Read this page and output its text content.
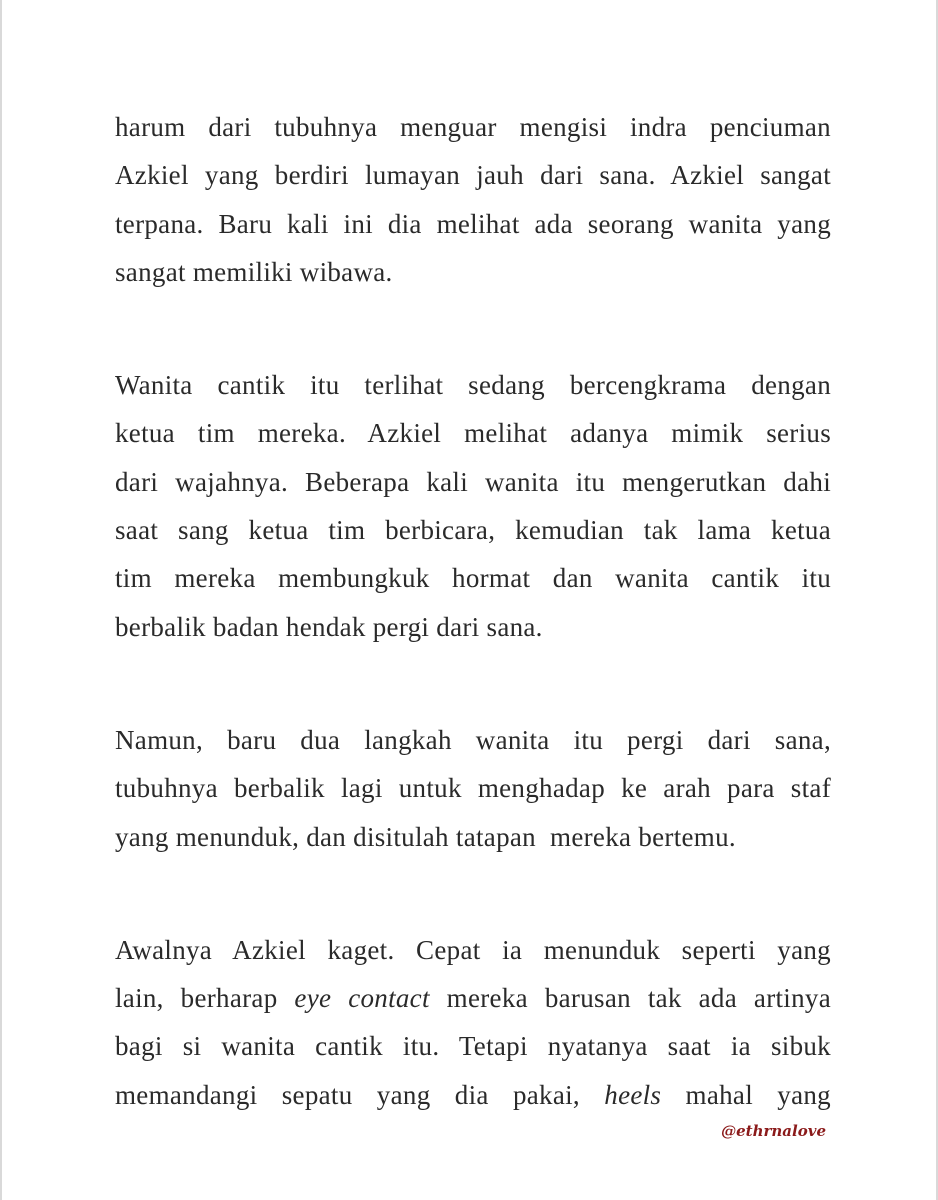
harum dari tubuhnya menguar mengisi indra penciuman
Azkiel yang berdiri lumayan jauh dari sana. Azkiel sangat
terpana. Baru kali ini dia melihat ada seorang wanita yang
sangat memiliki wibawa.

Wanita cantik itu terlihat sedang bercengkrama dengan
ketua tim mereka. Azkiel melihat adanya mimik serius
dari wajahnya. Beberapa kali wanita itu mengerutkan dahi
saat sang ketua tim berbicara, kemudian tak lama ketua
tim mereka membungkuk hormat dan wanita cantik itu
berbalik badan hendak pergi dari sana.

Namun, baru dua langkah wanita itu pergi dari sana,
tubuhnya berbalik lagi untuk menghadap ke arah para staf
yang menunduk, dan disitulah tatapan  mereka bertemu.

Awalnya Azkiel kaget. Cepat ia menunduk seperti yang
lain, berharap eye contact mereka barusan tak ada artinya
bagi si wanita cantik itu. Tetapi nyatanya saat ia sibuk
memandangi sepatu yang dia pakai, heels mahal yang

@ethrnalove
